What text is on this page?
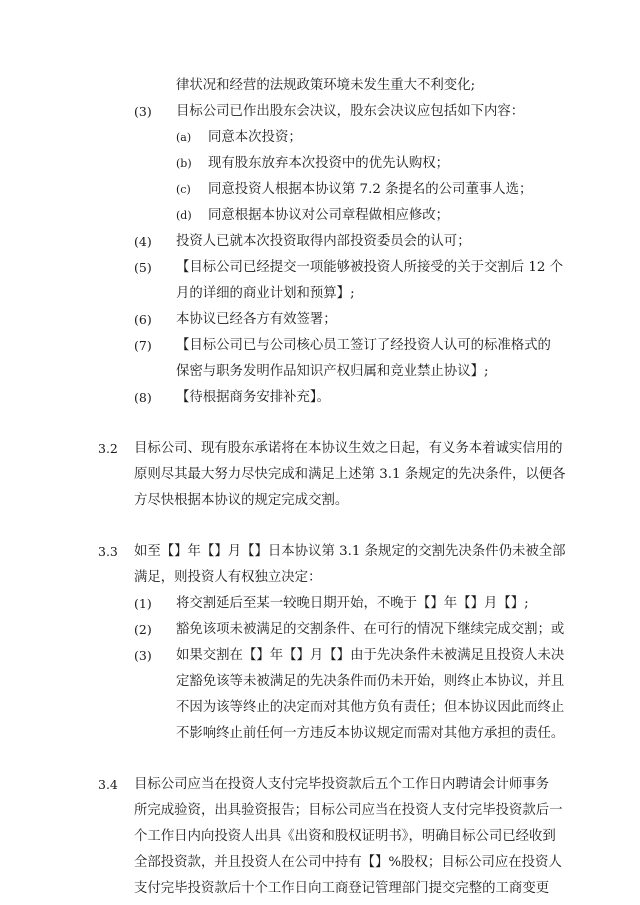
律状况和经营的法规政策环境未发生重大不利变化;
(3) 目标公司已作出股东会决议，股东会决议应包括如下内容：
(a) 同意本次投资；
(b) 现有股东放弃本次投资中的优先认购权；
(c) 同意投资人根据本协议第 7.2 条提名的公司董事人选；
(d) 同意根据本协议对公司章程做相应修改；
(4) 投资人已就本次投资取得内部投资委员会的认可；
(5) 【目标公司已经提交一项能够被投资人所接受的关于交割后 12 个
月的详细的商业计划和预算】;
(6) 本协议已经各方有效签署；
(7) 【目标公司已与公司核心员工签订了经投资人认可的标准格式的
保密与职务发明作品知识产权归属和竞业禁止协议】;
(8) 【待根据商务安排补充】。
3.2 目标公司、现有股东承诺将在本协议生效之日起，有义务本着诚实信用的
原则尽其最大努力尽快完成和满足上述第 3.1 条规定的先决条件，以便各
方尽快根据本协议的规定完成交割。
3.3 如至【】年【】月【】日本协议第 3.1 条规定的交割先决条件仍未被全部
满足，则投资人有权独立决定：
(1) 将交割延后至某一较晚日期开始，不晚于【】年【】月【】;
(2) 豁免该项未被满足的交割条件、在可行的情况下继续完成交割；或
(3) 如果交割在【】年【】月【】由于先决条件未被满足且投资人未决
定豁免该等未被满足的先决条件而仍未开始，则终止本协议，并且
不因为该等终止的决定而对其他方负有责任；但本协议因此而终止
不影响终止前任何一方违反本协议规定而需对其他方承担的责任。
3.4 目标公司应当在投资人支付完毕投资款后五个工作日内聘请会计师事务
所完成验资，出具验资报告；目标公司应当在投资人支付完毕投资款后一
个工作日内向投资人出具《出资和股权证明书》，明确目标公司已经收到
全部投资款，并且投资人在公司中持有【】%股权；目标公司应在投资人
支付完毕投资款后十个工作日向工商登记管理部门提交完整的工商变更
